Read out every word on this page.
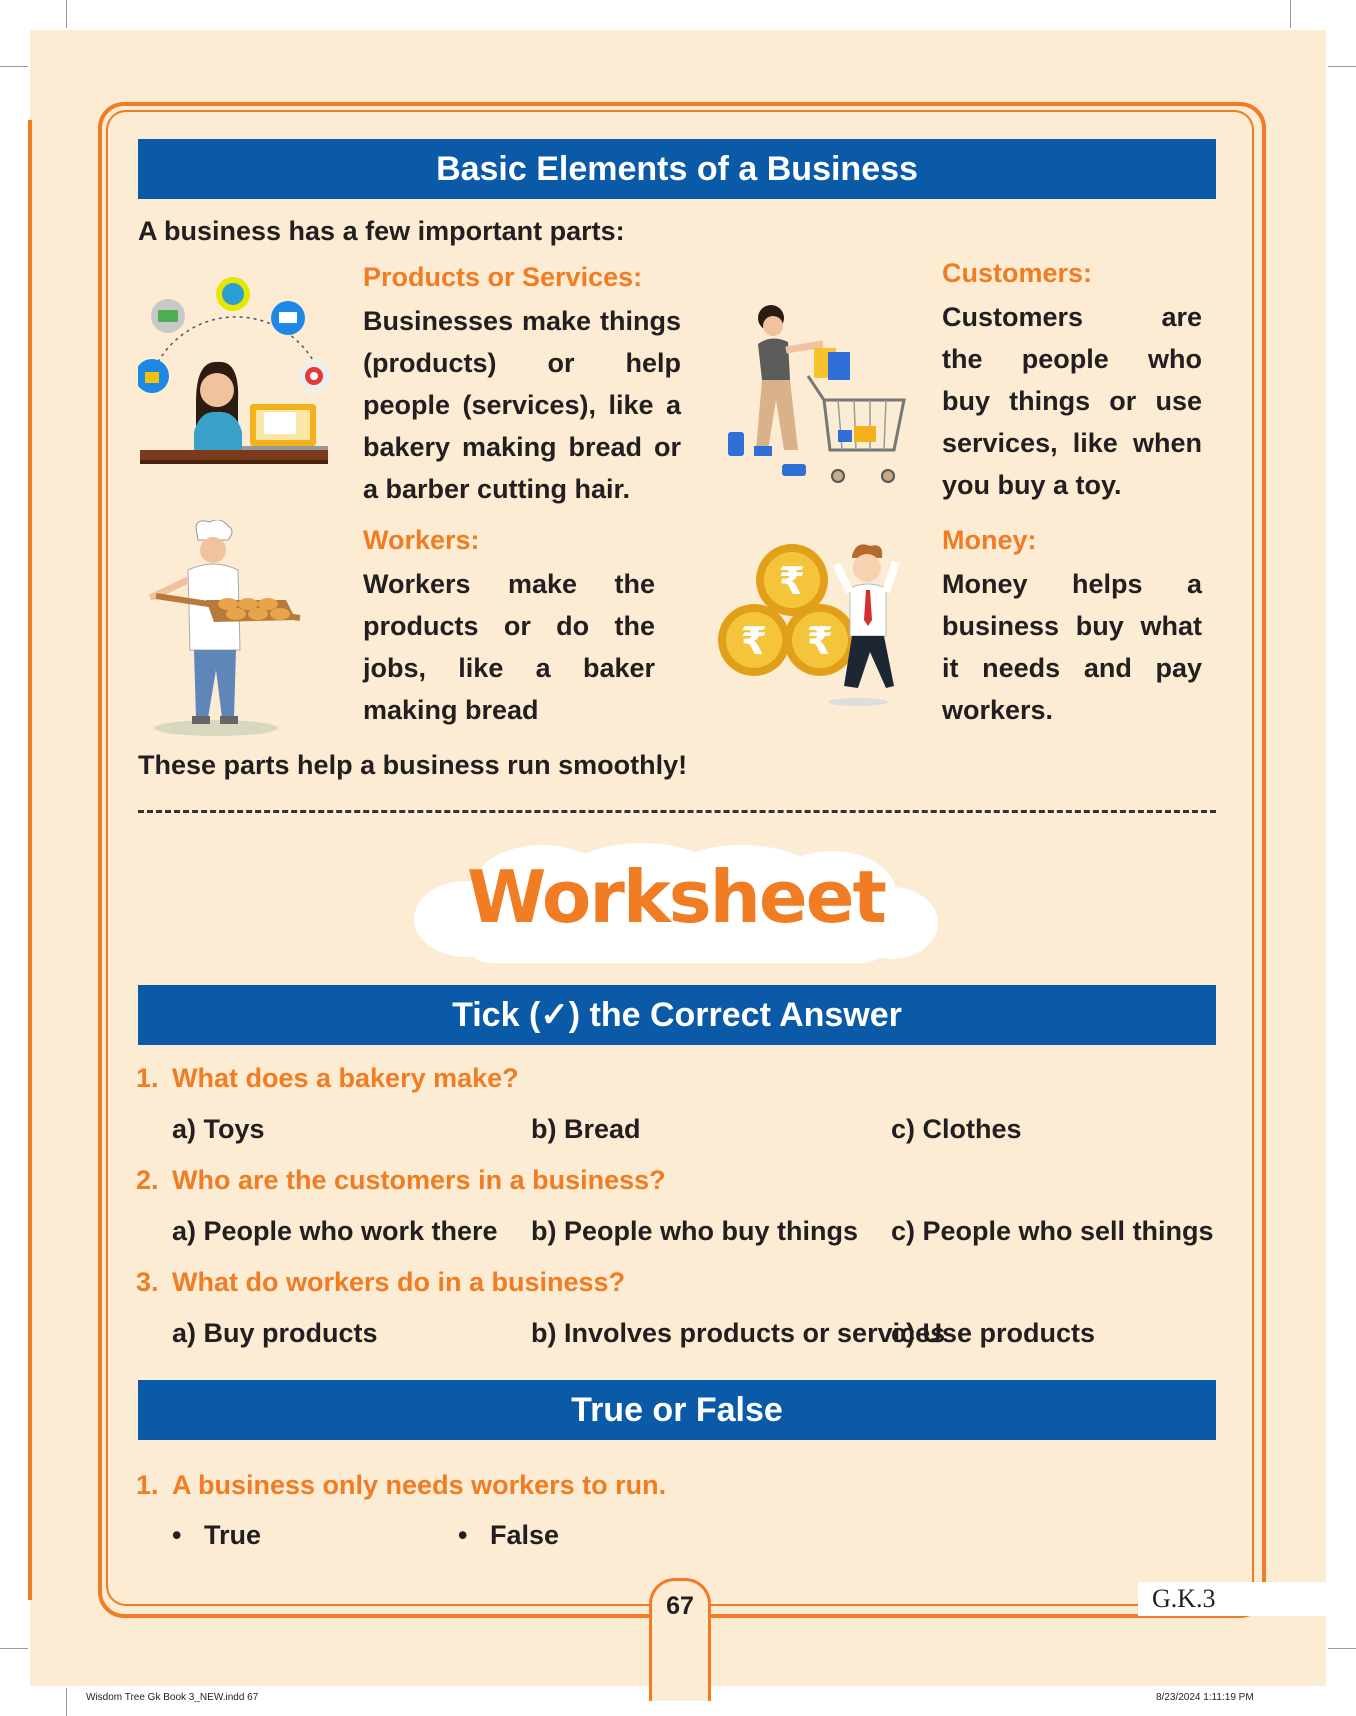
Basic Elements of a Business
A business has a few important parts:
Products or Services:
Businesses make things
(products) or help
people (services), like a
bakery making bread or
a barber cutting hair.
Customers:
Customers are
the people who
buy things or use
services, like when
you buy a toy.
Workers:
Workers make the
products or do the
jobs, like a baker
making bread
₹
₹ ₹
Money:
Money helps a
business buy what
it needs and pay
workers.
These parts help a business run smoothly!
Worksheet
Tick (✓) the Correct Answer
1. What does a bakery make?
a) Toys	b) Bread	c) Clothes
2. Who are the customers in a business?
a) People who work there b) People who buy things c) People who sell things
3. What do workers do in a business?
a) Buy products	b) Involves products or services
c) Use products
True or False
1. A business only needs workers to run.
• True	• False
67	G.K.3
Wisdom Tree Gk Book 3_NEW.indd 67	8/23/2024 1:11:19 PM
